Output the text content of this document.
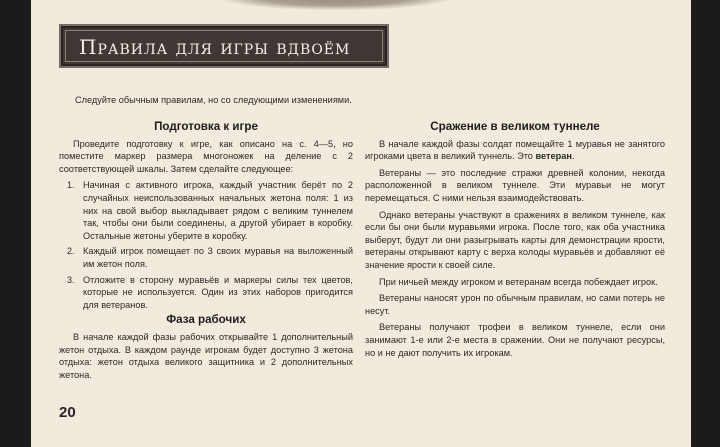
Правила для игры вдвоём
Следуйте обычным правилам, но со следующими изменениями.
Подготовка к игре

Проведите подготовку к игре, как описано на с. 4—5, но поместите маркер размера многоножек на деление с 2 соответствующей шкалы. Затем сделайте следующее:

1. Начиная с активного игрока, каждый участник берёт по 2 случайных неиспользованных начальных жетона поля: 1 из них на свой выбор выкладывает рядом с великим туннелем так, чтобы они были соединены, а другой убирает в коробку. Остальные жетоны уберите в коробку.
2. Каждый игрок помещает по 3 своих муравья на выложенный им жетон поля.
3. Отложите в сторону муравьёв и маркеры силы тех цветов, которые не используется. Один из этих наборов пригодится для ветеранов.
Фаза рабочих

В начале каждой фазы рабочих открывайте 1 дополнительный жетон отдыха. В каждом раунде игрокам будет доступно 3 жетона отдыха: жетон отдыха великого защитника и 2 дополнительных жетона.

Сражение в великом туннеле

В начале каждой фазы солдат помещайте 1 муравья не занятого игроками цвета в великий туннель. Это ветеран.

Ветераны — это последние стражи древней колонии, некогда расположенной в великом туннеле. Эти муравьи не могут перемещаться. С ними нельзя взаимодействовать.

Однако ветераны участвуют в сражениях в великом туннеле, как если бы они были муравьями игрока. После того, как оба участника выберут, будут ли они разыгрывать карты для демонстрации ярости, ветераны открывают карту с верха колоды муравьёв и добавляют её значение ярости к своей силе.

При ничьей между игроком и ветеранам всегда побеждает игрок.

Ветераны наносят урон по обычным правилам, но сами потерь не несут.

Ветераны получают трофеи в великом туннеле, если они занимают 1-е или 2-е места в сражении. Они не получают ресурсы, но и не дают получить их игрокам.

20
